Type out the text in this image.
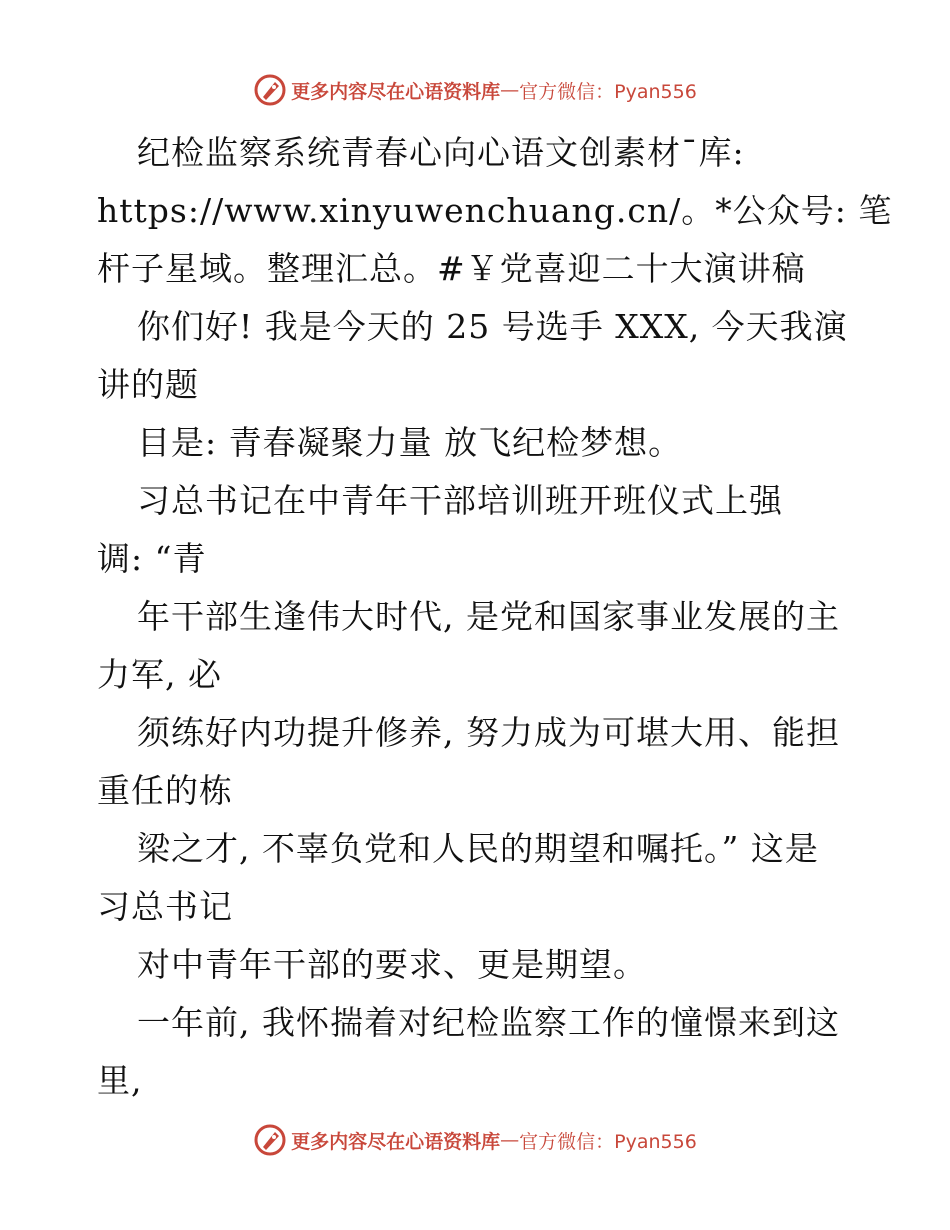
更多内容尽在心语资料库 — 官方微信：Pyan556
纪检监察系统青春心向心语文创素材¯库:
https://www.xinyuwenchuang.cn/。*公众号: 笔
杆子星域。整理汇总。#￥党喜迎二十大演讲稿
你们好! 我是今天的 25 号选手 XXX, 今天我演
讲的题
目是: 青春凝聚力量 放飞纪检梦想。
习总书记在中青年干部培训班开班仪式上强
调: “青
年干部生逢伟大时代, 是党和国家事业发展的主
力军, 必
须练好内功提升修养, 努力成为可堪大用、能担
重任的栋
梁之才, 不辜负党和人民的期望和嘱托。” 这是
习总书记
对中青年干部的要求、更是期望。
一年前, 我怀揣着对纪检监察工作的憧憬来到这
里,
更多内容尽在心语资料库 — 官方微信：Pyan556
